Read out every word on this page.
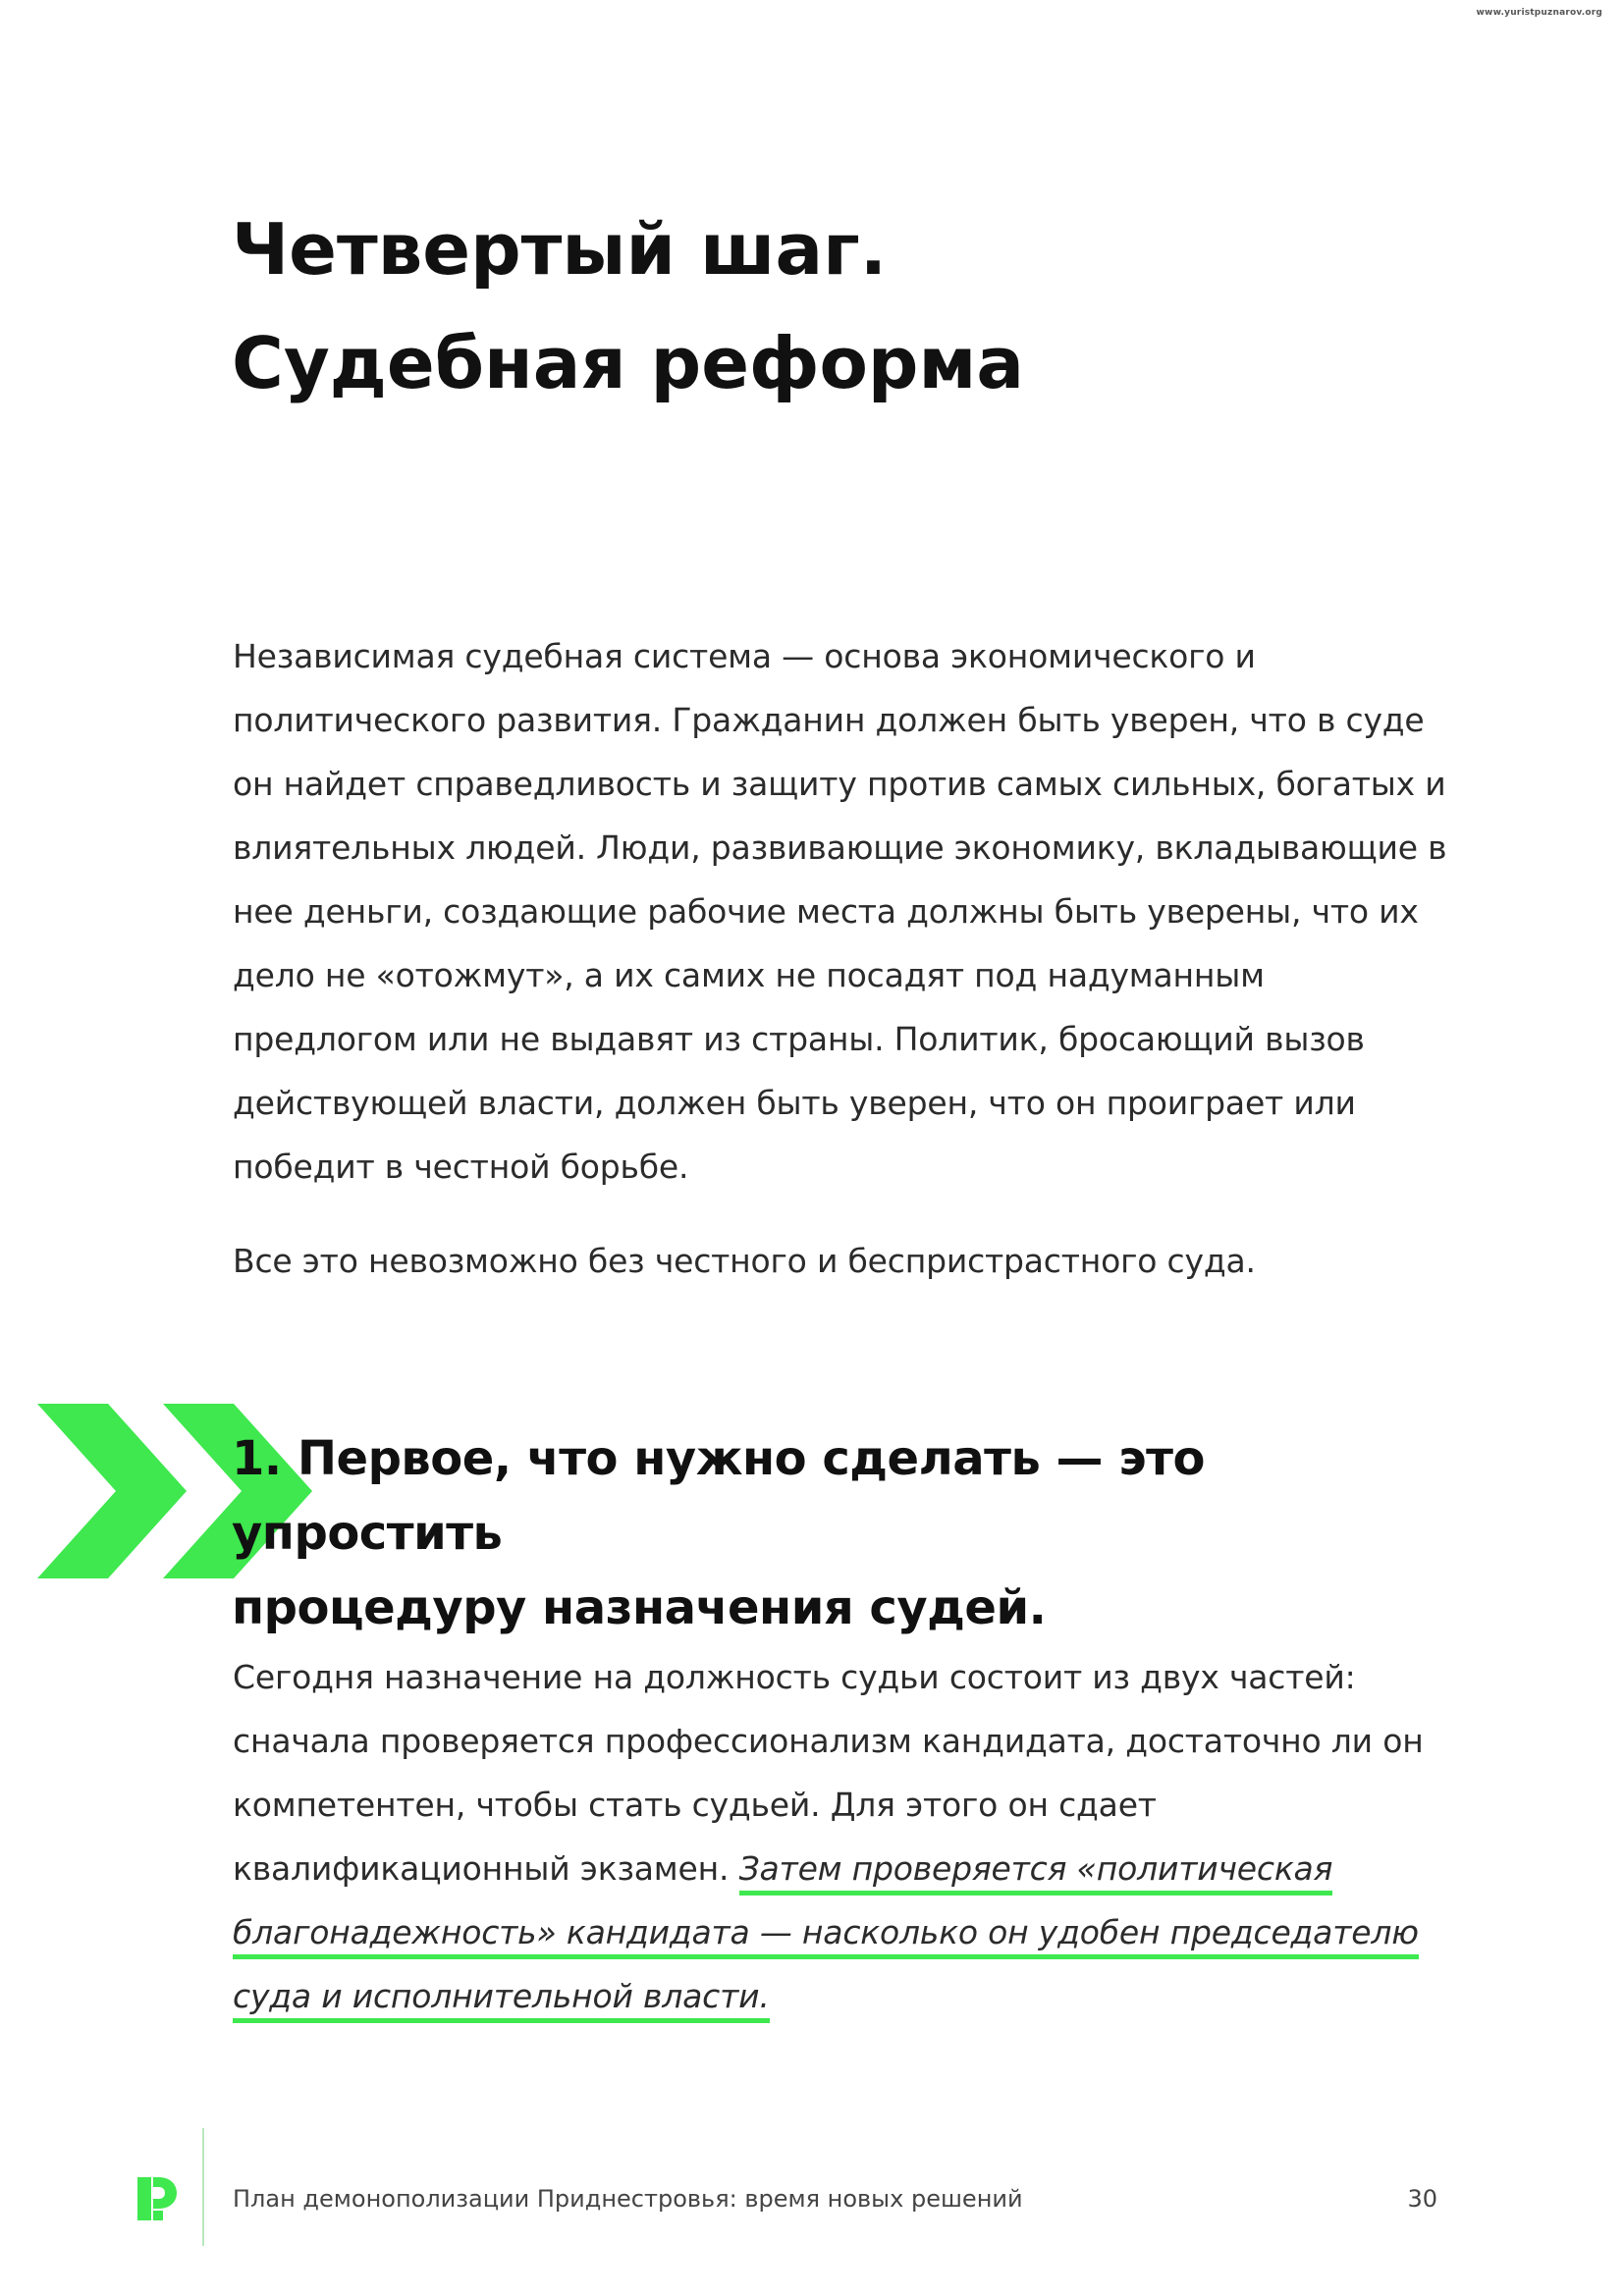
www.yuristpuznarov.org
Четвертый шаг.
Судебная реформа

Независимая судебная система — основа экономического и политического развития. Гражданин должен быть уверен, что в суде он найдет справедливость и защиту против самых сильных, богатых и влиятельных людей. Люди, развивающие экономику, вкладывающие в нее деньги, создающие рабочие места должны быть уверены, что их дело не «отожмут», а их самих не посадят под надуманным предлогом или не выдавят из страны. Политик, бросающий вызов действующей власти, должен быть уверен, что он проиграет или победит в честной борьбе.

Все это невозможно без честного и беспристрастного суда.

1. Первое, что нужно сделать — это упростить
процедуру назначения судей.

Сегодня назначение на должность судьи состоит из двух частей: сначала проверяется профессионализм кандидата, достаточно ли он компетентен, чтобы стать судьей. Для этого он сдает квалификационный экзамен. Затем проверяется «политическая благонадежность» кандидата — насколько он удобен председателю суда и исполнительной власти.

План демонополизации Приднестровья: время новых решений	30
